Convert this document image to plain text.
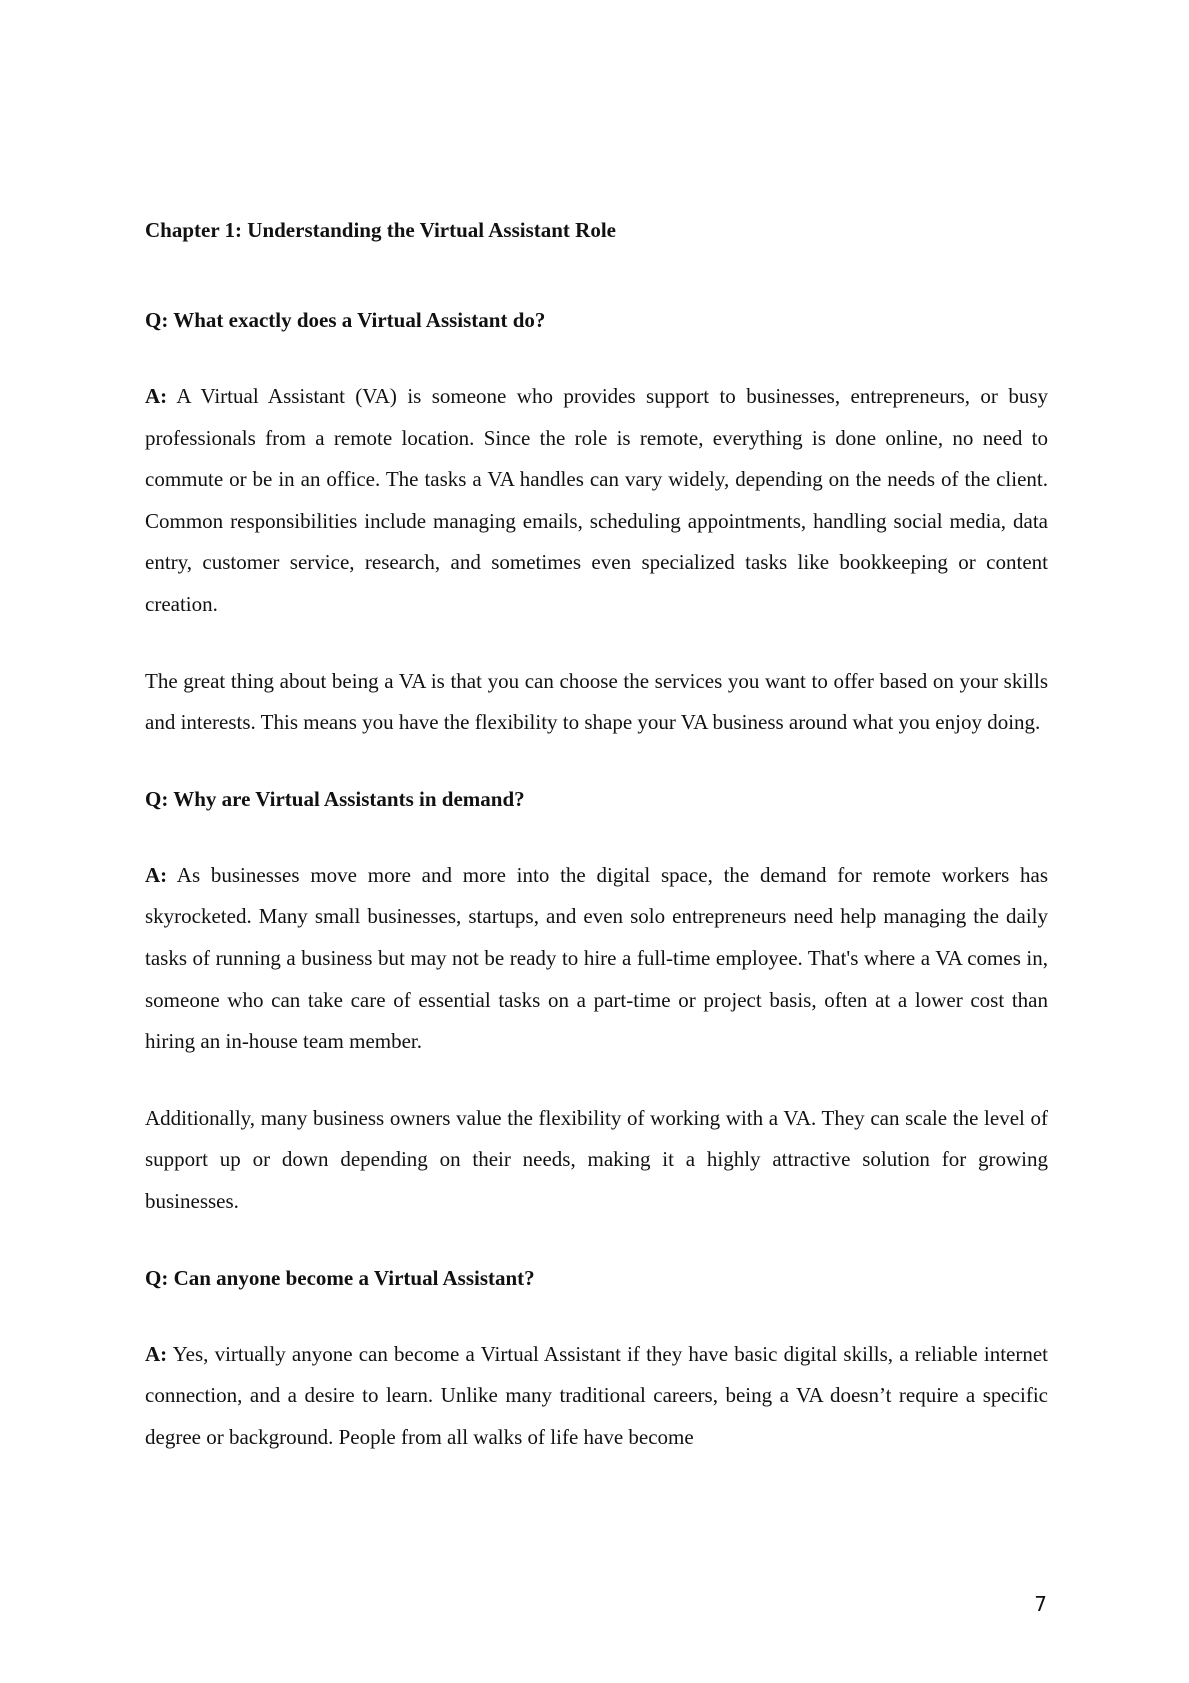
Chapter 1: Understanding the Virtual Assistant Role

Q: What exactly does a Virtual Assistant do?

A: A Virtual Assistant (VA) is someone who provides support to businesses, entrepreneurs, or busy professionals from a remote location. Since the role is remote, everything is done online, no need to commute or be in an office. The tasks a VA handles can vary widely, depending on the needs of the client. Common responsibilities include managing emails, scheduling appointments, handling social media, data entry, customer service, research, and sometimes even specialized tasks like bookkeeping or content creation.

The great thing about being a VA is that you can choose the services you want to offer based on your skills and interests. This means you have the flexibility to shape your VA business around what you enjoy doing.

Q: Why are Virtual Assistants in demand?

A: As businesses move more and more into the digital space, the demand for remote workers has skyrocketed. Many small businesses, startups, and even solo entrepreneurs need help managing the daily tasks of running a business but may not be ready to hire a full-time employee. That's where a VA comes in, someone who can take care of essential tasks on a part-time or project basis, often at a lower cost than hiring an in-house team member.

Additionally, many business owners value the flexibility of working with a VA. They can scale the level of support up or down depending on their needs, making it a highly attractive solution for growing businesses.

Q: Can anyone become a Virtual Assistant?

A: Yes, virtually anyone can become a Virtual Assistant if they have basic digital skills, a reliable internet connection, and a desire to learn. Unlike many traditional careers, being a VA doesn’t require a specific degree or background. People from all walks of life have become

7
